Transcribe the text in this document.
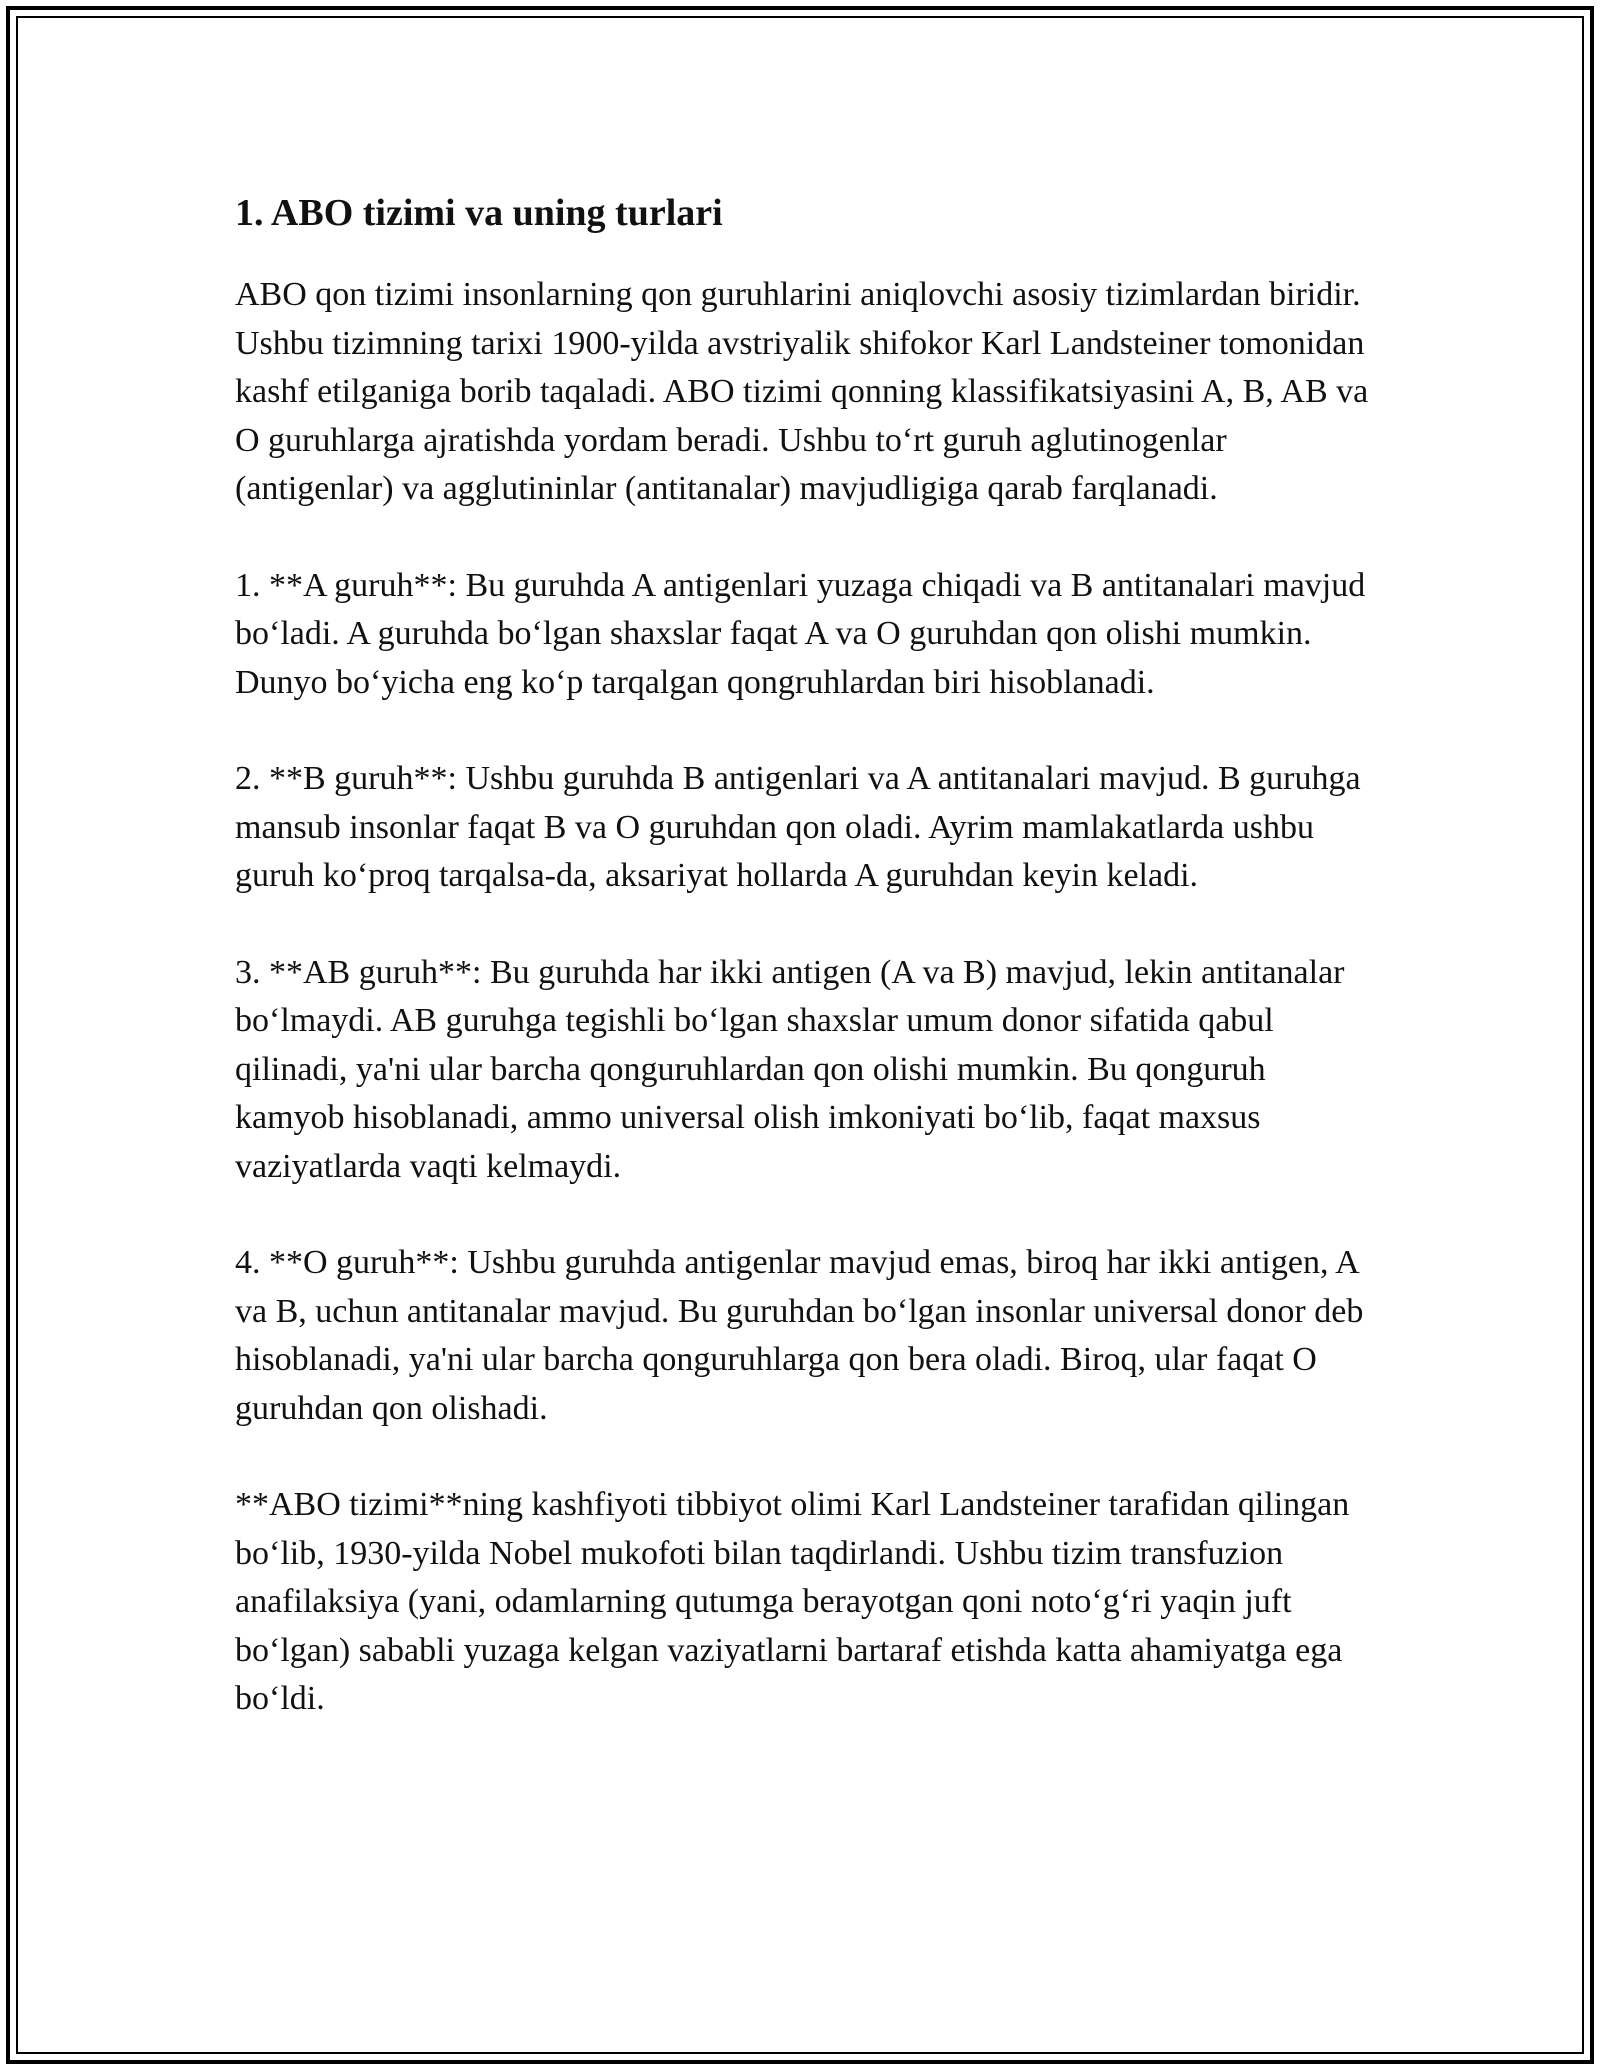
1. ABO tizimi va uning turlari

ABO qon tizimi insonlarning qon guruhlarini aniqlovchi asosiy tizimlardan biridir. Ushbu tizimning tarixi 1900-yilda avstriyalik shifokor Karl Landsteiner tomonidan kashf etilganiga borib taqaladi. ABO tizimi qonning klassifikatsiyasini A, B, AB va O guruhlarga ajratishda yordam beradi. Ushbu to‘rt guruh aglutinogenlar (antigenlar) va agglutininlar (antitanalar) mavjudligiga qarab farqlanadi.

1. **A guruh**: Bu guruhda A antigenlari yuzaga chiqadi va B antitanalari mavjud bo‘ladi. A guruhda bo‘lgan shaxslar faqat A va O guruhdan qon olishi mumkin. Dunyo bo‘yicha eng ko‘p tarqalgan qongruhlardan biri hisoblanadi.

2. **B guruh**: Ushbu guruhda B antigenlari va A antitanalari mavjud. B guruhga mansub insonlar faqat B va O guruhdan qon oladi. Ayrim mamlakatlarda ushbu guruh ko‘proq tarqalsa-da, aksariyat hollarda A guruhdan keyin keladi.

3. **AB guruh**: Bu guruhda har ikki antigen (A va B) mavjud, lekin antitanalar bo‘lmaydi. AB guruhga tegishli bo‘lgan shaxslar umum donor sifatida qabul qilinadi, ya'ni ular barcha qonguruhlardan qon olishi mumkin. Bu qonguruh kamyob hisoblanadi, ammo universal olish imkoniyati bo‘lib, faqat maxsus vaziyatlarda vaqti kelmaydi.

4. **O guruh**: Ushbu guruhda antigenlar mavjud emas, biroq har ikki antigen, A va B, uchun antitanalar mavjud. Bu guruhdan bo‘lgan insonlar universal donor deb hisoblanadi, ya'ni ular barcha qonguruhlarga qon bera oladi. Biroq, ular faqat O guruhdan qon olishadi.

**ABO tizimi**ning kashfiyoti tibbiyot olimi Karl Landsteiner tarafidan qilingan bo‘lib, 1930-yilda Nobel mukofoti bilan taqdirlandi. Ushbu tizim transfuzion anafilaksiya (yani, odamlarning qutumga berayotgan qoni noto‘g‘ri yaqin juft bo‘lgan) sababli yuzaga kelgan vaziyatlarni bartaraf etishda katta ahamiyatga ega bo‘ldi.
